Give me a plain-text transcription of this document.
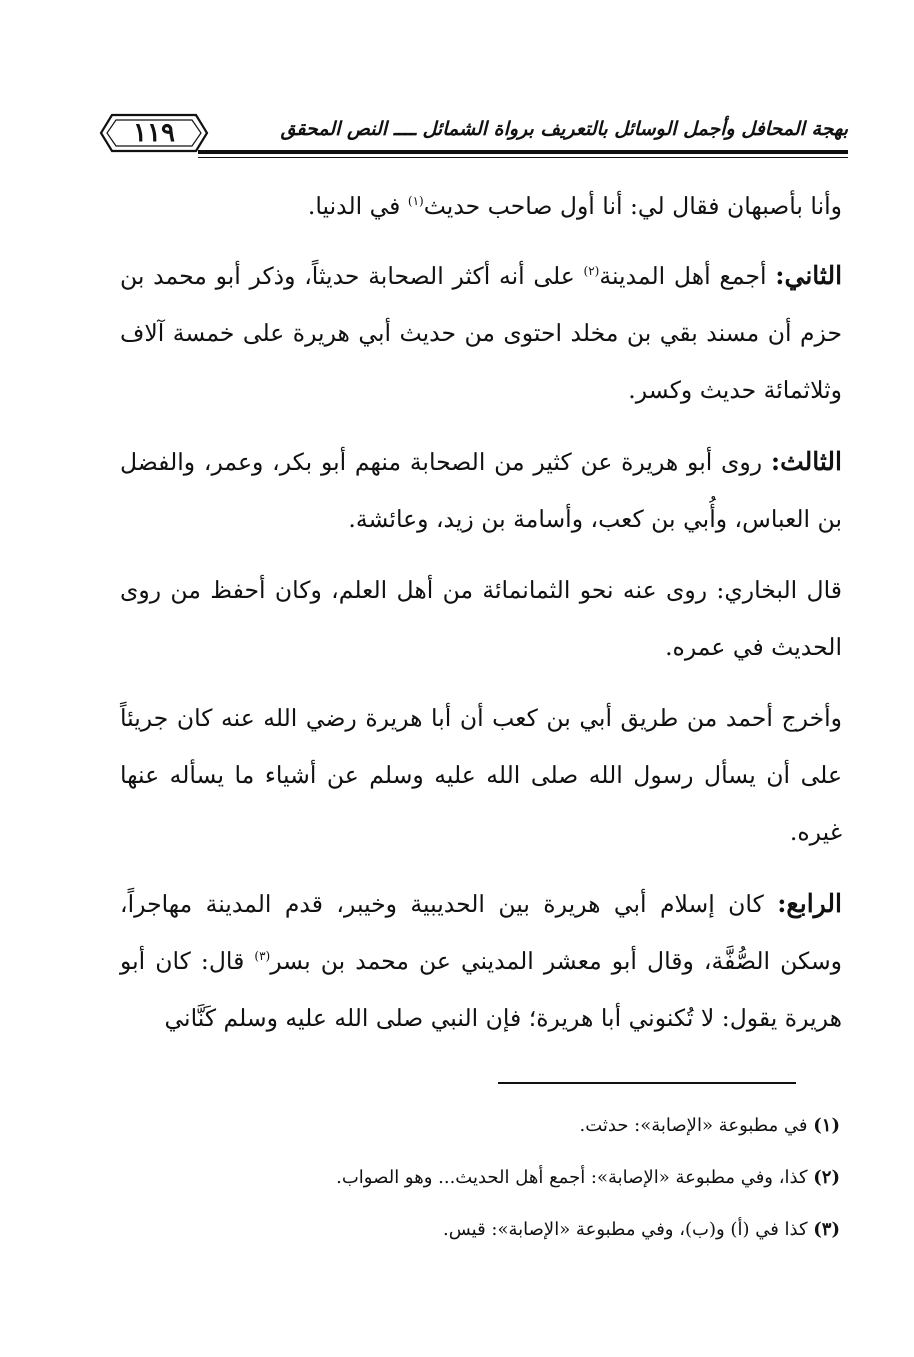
١١٩	بهجة المحافل وأجمل الوسائل بالتعريف برواة الشمائل ــــ النص المحقق

وأنا بأصبهان فقال لي: أنا أول صاحب حديث$^{(١)}$ في الدنيا.

الثاني: أجمع أهل المدينة$^{(٢)}$ على أنه أكثر الصحابة حديثاً، وذكر أبو محمد بن حزم أن مسند بقي بن مخلد احتوى من حديث أبي هريرة على خمسة آلاف وثلاثمائة حديث وكسر.

الثالث: روى أبو هريرة عن كثير من الصحابة منهم أبو بكر، وعمر، والفضل بن العباس، وأُبي بن كعب، وأسامة بن زيد، وعائشة.

قال البخاري: روى عنه نحو الثمانمائة من أهل العلم، وكان أحفظ من روى الحديث في عمره.

وأخرج أحمد من طريق أبي بن كعب أن أبا هريرة رضي الله عنه كان جريئاً على أن يسأل رسول الله صلى الله عليه وسلم عن أشياء ما يسأله عنها غيره.

الرابع: كان إسلام أبي هريرة بين الحديبية وخيبر، قدم المدينة مهاجراً، وسكن الصُّفَّة، وقال أبو معشر المديني عن محمد بن بسر$^{(٣)}$ قال: كان أبو هريرة يقول: لا تُكنوني أبا هريرة؛ فإن النبي صلى الله عليه وسلم كَنَّاني

(١) في مطبوعة «الإصابة»: حدثت.

(٢) كذا، وفي مطبوعة «الإصابة»: أجمع أهل الحديث... وهو الصواب.

(٣) كذا في (أ) و(ب)، وفي مطبوعة «الإصابة»: قيس.
